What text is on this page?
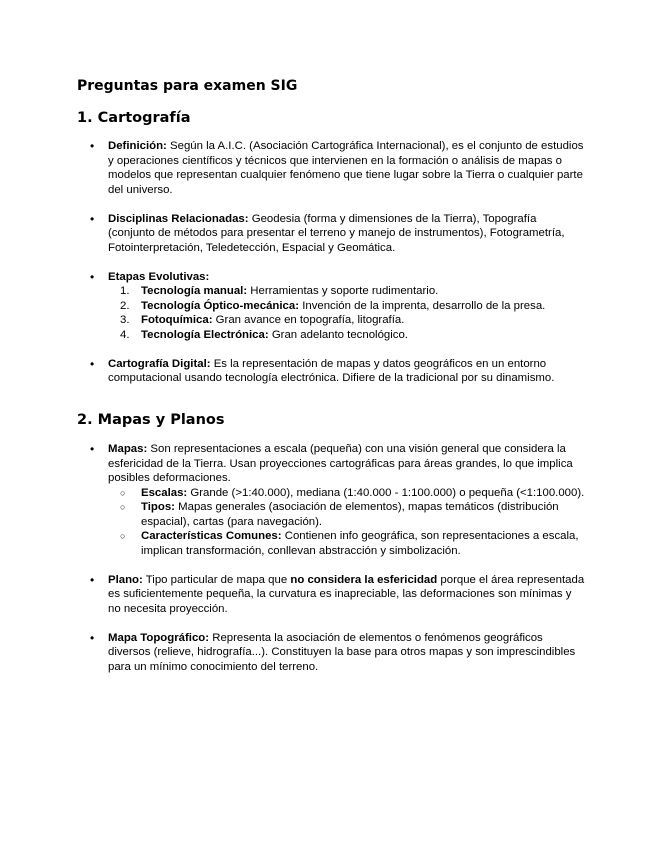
Preguntas para examen SIG
1. Cartografía
• Definición: Según la A.I.C. (Asociación Cartográfica Internacional), es el conjunto de estudios y operaciones científicos y técnicos que intervienen en la formación o análisis de mapas o modelos que representan cualquier fenómeno que tiene lugar sobre la Tierra o cualquier parte del universo.
• Disciplinas Relacionadas: Geodesia (forma y dimensiones de la Tierra), Topografía (conjunto de métodos para presentar el terreno y manejo de instrumentos), Fotogrametría, Fotointerpretación, Teledetección, Espacial y Geomática.
• Etapas Evolutivas:
1. Tecnología manual: Herramientas y soporte rudimentario.
2. Tecnología Óptico-mecánica: Invención de la imprenta, desarrollo de la presa.
3. Fotoquímica: Gran avance en topografía, litografía.
4. Tecnología Electrónica: Gran adelanto tecnológico.
• Cartografía Digital: Es la representación de mapas y datos geográficos en un entorno computacional usando tecnología electrónica. Difiere de la tradicional por su dinamismo.
2. Mapas y Planos
• Mapas: Son representaciones a escala (pequeña) con una visión general que considera la esfericidad de la Tierra. Usan proyecciones cartográficas para áreas grandes, lo que implica posibles deformaciones.
○ Escalas: Grande (>1:40.000), mediana (1:40.000 - 1:100.000) o pequeña (<1:100.000).
○ Tipos: Mapas generales (asociación de elementos), mapas temáticos (distribución espacial), cartas (para navegación).
○ Características Comunes: Contienen info geográfica, son representaciones a escala, implican transformación, conllevan abstracción y simbolización.
• Plano: Tipo particular de mapa que no considera la esfericidad porque el área representada es suficientemente pequeña, la curvatura es inapreciable, las deformaciones son mínimas y no necesita proyección.
• Mapa Topográfico: Representa la asociación de elementos o fenómenos geográficos diversos (relieve, hidrografía...). Constituyen la base para otros mapas y son imprescindibles para un mínimo conocimiento del terreno.
